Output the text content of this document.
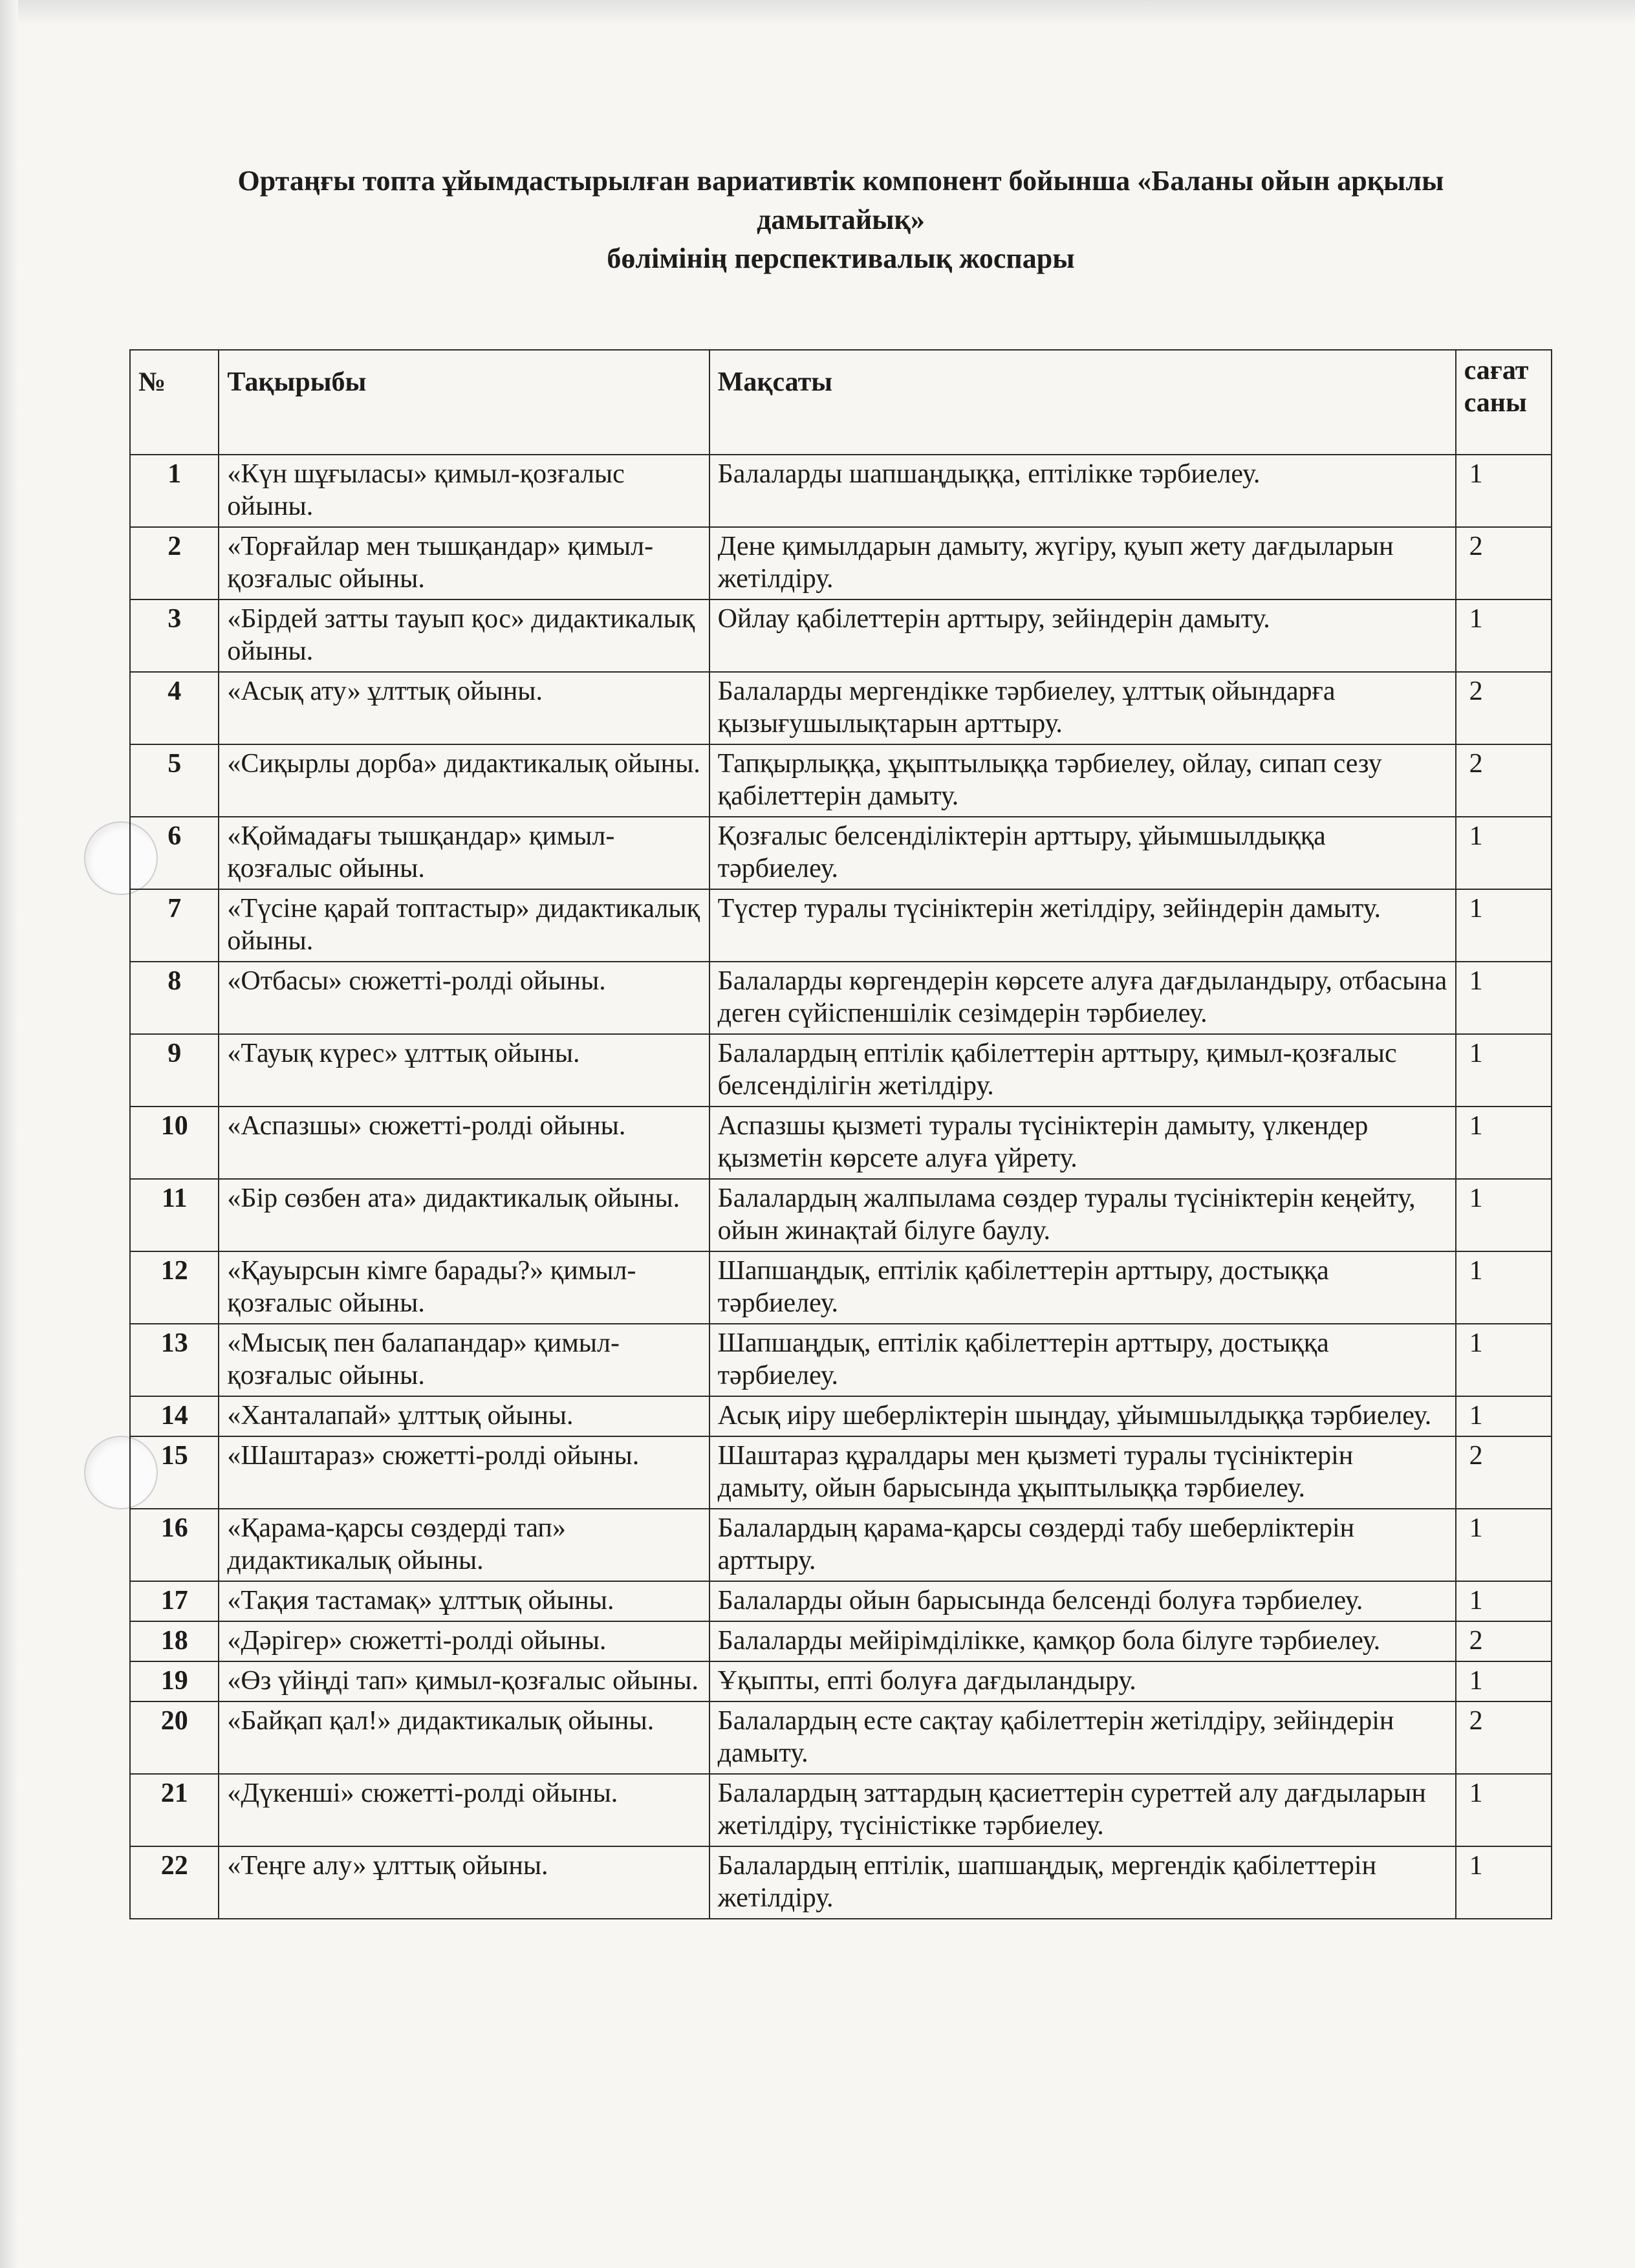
Ортаңғы топта ұйымдастырылған вариативтік компонент бойынша «Баланы ойын арқылы
дамытайық»
бөлімінің перспективалық жоспары
№	Тақырыбы	Мақсаты	сағат саны
1	«Күн шұғыласы» қимыл-қозғалыс ойыны.	Балаларды шапшаңдыққа, ептілікке тәрбиелеу.	1
2	«Торғайлар мен тышқандар» қимыл-қозғалыс ойыны.	Дене қимылдарын дамыту, жүгіру, қуып жету дағдыларын жетілдіру.	2
3	«Бірдей затты тауып қос» дидактикалық ойыны.	Ойлау қабілеттерін арттыру, зейіндерін дамыту.	1
4	«Асық ату» ұлттық ойыны.	Балаларды мергендікке тәрбиелеу, ұлттық ойындарға қызығушылықтарын арттыру.	2
5	«Сиқырлы дорба» дидактикалық ойыны.	Тапқырлыққа, ұқыптылыққа тәрбиелеу, ойлау, сипап сезу қабілеттерін дамыту.	2
6	«Қоймадағы тышқандар» қимыл-қозғалыс ойыны.	Қозғалыс белсенділіктерін арттыру, ұйымшылдыққа тәрбиелеу.	1
7	«Түсіне қарай топтастыр» дидактикалық ойыны.	Түстер туралы түсініктерін жетілдіру, зейіндерін дамыту.	1
8	«Отбасы» сюжетті-ролді ойыны.	Балаларды көргендерін көрсете алуға дағдыландыру, отбасына деген сүйіспеншілік сезімдерін тәрбиелеу.	1
9	«Тауық күрес» ұлттық ойыны.	Балалардың ептілік қабілеттерін арттыру, қимыл-қозғалыс белсенділігін жетілдіру.	1
10	«Аспазшы» сюжетті-ролді ойыны.	Аспазшы қызметі туралы түсініктерін дамыту, үлкендер қызметін көрсете алуға үйрету.	1
11	«Бір сөзбен ата» дидактикалық ойыны.	Балалардың жалпылама сөздер туралы түсініктерін кеңейту, ойын жинақтай білуге баулу.	1
12	«Қауырсын кімге барады?» қимыл-қозғалыс ойыны.	Шапшаңдық, ептілік қабілеттерін арттыру, достыққа тәрбиелеу.	1
13	«Мысық пен балапандар» қимыл-қозғалыс ойыны.	Шапшаңдық, ептілік қабілеттерін арттыру, достыққа тәрбиелеу.	1
14	«Ханталапай» ұлттық ойыны.	Асық иіру шеберліктерін шыңдау, ұйымшылдыққа тәрбиелеу.	1
15	«Шаштараз» сюжетті-ролді ойыны.	Шаштараз құралдары мен қызметі туралы түсініктерін дамыту, ойын барысында ұқыптылыққа тәрбиелеу.	2
16	«Қарама-қарсы сөздерді тап» дидактикалық ойыны.	Балалардың қарама-қарсы сөздерді табу шеберліктерін арттыру.	1
17	«Тақия тастамақ» ұлттық ойыны.	Балаларды ойын барысында белсенді болуға тәрбиелеу.	1
18	«Дәрігер» сюжетті-ролді ойыны.	Балаларды мейірімділікке, қамқор бола білуге тәрбиелеу.	2
19	«Өз үйіңді тап» қимыл-қозғалыс ойыны.	Ұқыпты, епті болуға дағдыландыру.	1
20	«Байқап қал!» дидактикалық ойыны.	Балалардың есте сақтау қабілеттерін жетілдіру, зейіндерін дамыту.	2
21	«Дүкенші» сюжетті-ролді ойыны.	Балалардың заттардың қасиеттерін суреттей алу дағдыларын жетілдіру, түсіністікке тәрбиелеу.	1
22	«Теңге алу» ұлттық ойыны.	Балалардың ептілік, шапшаңдық, мергендік қабілеттерін жетілдіру.	1
